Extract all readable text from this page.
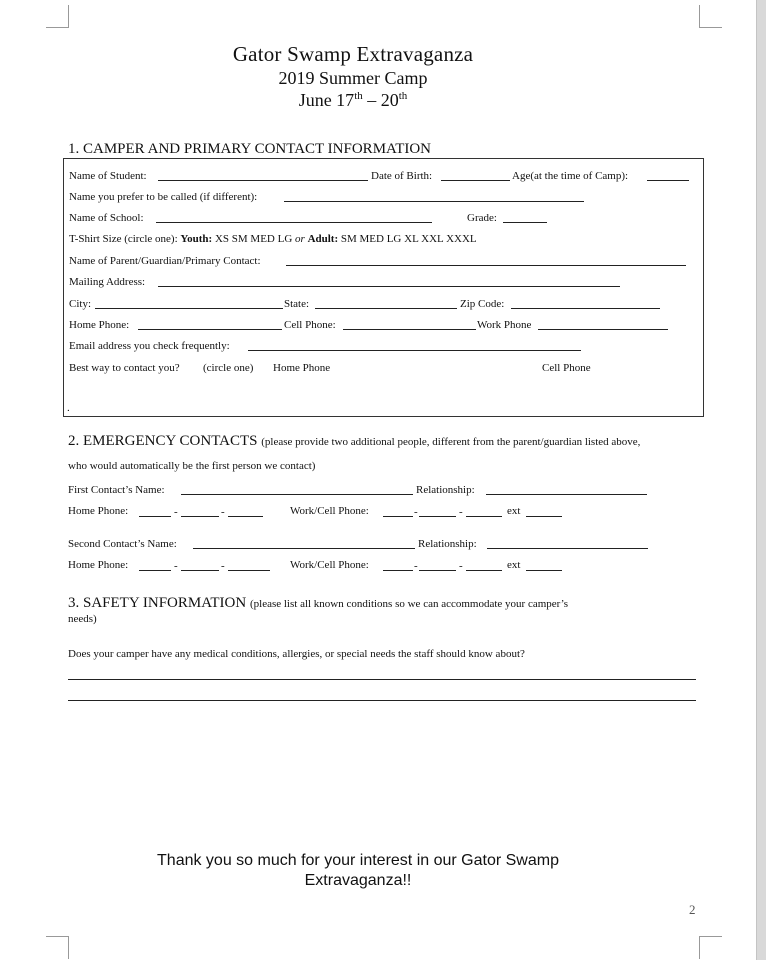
Gator Swamp Extravaganza
2019 Summer Camp
June 17th – 20th
1. CAMPER AND PRIMARY CONTACT INFORMATION
Name of Student:	Date of Birth:	Age(at the time of Camp):
Name you prefer to be called (if different):
Name of School:	Grade:
T-Shirt Size (circle one): Youth: XS SM MED LG or Adult: SM MED LG XL XXL XXXL
Name of Parent/Guardian/Primary Contact:
Mailing Address:
City:	State:	Zip Code:
Home Phone:	Cell Phone:	Work Phone
Email address you check frequently:
Best way to contact you? (circle one) Home Phone	Cell Phone
.
2. EMERGENCY CONTACTS (please provide two additional people, different from the parent/guardian listed above,
who would automatically be the first person we contact)
First Contact’s Name:	Relationship:
Home Phone:	-	-	Work/Cell Phone:	-	-	ext
Second Contact’s Name:	Relationship:
Home Phone:	-	-	Work/Cell Phone:	-	-	ext
3. SAFETY INFORMATION (please list all known conditions so we can accommodate your camper’s
needs)
Does your camper have any medical conditions, allergies, or special needs the staff should know about?
Thank you so much for your interest in our Gator Swamp
Extravaganza!!
2
